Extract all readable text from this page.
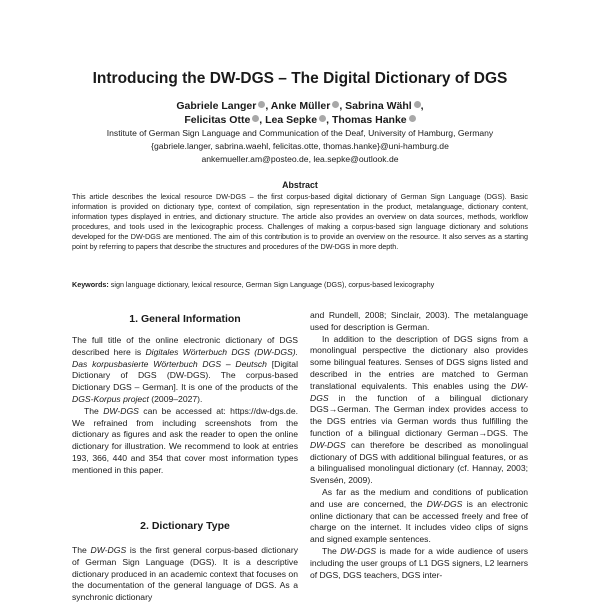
Introducing the DW-DGS – The Digital Dictionary of DGS
Gabriele Langer , Anke Müller , Sabrina Wähl ,
Felicitas Otte , Lea Sepke , Thomas Hanke
Institute of German Sign Language and Communication of the Deaf, University of Hamburg, Germany
{gabriele.langer, sabrina.waehl, felicitas.otte, thomas.hanke}@uni-hamburg.de
ankemueller.am@posteo.de, lea.sepke@outlook.de
Abstract
This article describes the lexical resource DW-DGS – the first corpus-based digital dictionary of German Sign Language (DGS). Basic information is provided on dictionary type, context of compilation, sign representation in the product, metalanguage, dictionary content, information types displayed in entries, and dictionary structure. The article also provides an overview on data sources, methods, workflow procedures, and tools used in the lexicographic process. Challenges of making a corpus-based sign language dictionary and solutions developed for the DW-DGS are mentioned. The aim of this contribution is to provide an overview on the resource. It also serves as a starting point by referring to papers that describe the structures and procedures of the DW-DGS in more depth.
Keywords: sign language dictionary, lexical resource, German Sign Language (DGS), corpus-based lexicography
1. General Information

The full title of the online electronic dictionary of DGS described here is Digitales Wörterbuch DGS (DW-DGS). Das korpusbasierte Wörterbuch DGS – Deutsch [Digital Dictionary of DGS (DW-DGS). The corpus-based Dictionary DGS – German]. It is one of the products of the DGS-Korpus project (2009–2027).

The DW-DGS can be accessed at: https://dw-dgs.de. We refrained from including screenshots from the dictionary as figures and ask the reader to open the online dictionary for illustration. We recommend to look at entries 193, 366, 440 and 354 that cover most information types mentioned in this paper.

2. Dictionary Type

The DW-DGS is the first general corpus-based dictionary of German Sign Language (DGS). It is a descriptive dictionary produced in an academic context that focuses on the documentation of the general language of DGS. As a synchronic dictionary

and Rundell, 2008; Sinclair, 2003). The metalanguage used for description is German.

In addition to the description of DGS signs from a monolingual perspective the dictionary also provides some bilingual features. Senses of DGS signs listed and described in the entries are matched to German translational equivalents. This enables using the DW-DGS in the function of a bilingual dictionary DGS→German. The German index provides access to the DGS entries via German words thus fulfilling the function of a bilingual dictionary German→DGS. The DW-DGS can therefore be described as monolingual dictionary of DGS with additional bilingual features, or as a bilingualised monolingual dictionary (cf. Hannay, 2003; Svensén, 2009).

As far as the medium and conditions of publication and use are concerned, the DW-DGS is an electronic online dictionary that can be accessed freely and free of charge on the internet. It includes video clips of signs and signed example sentences.

The DW-DGS is made for a wide audience of users including the user groups of L1 DGS signers, L2 learners of DGS, DGS teachers, DGS inter-
